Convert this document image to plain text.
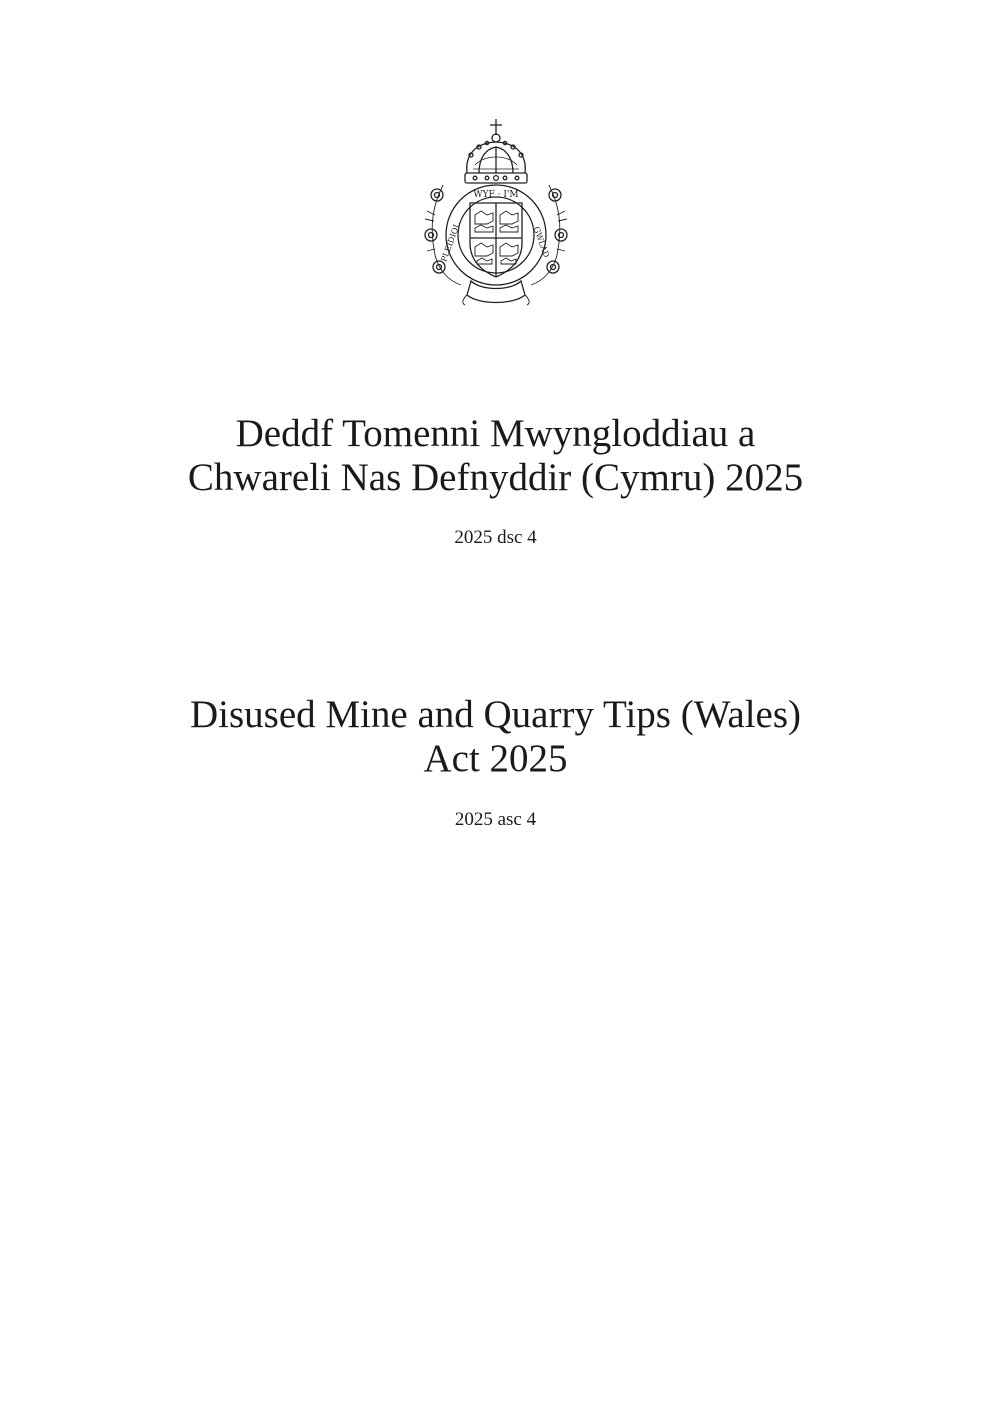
WYF · I'M
PLEIDIOL	GWLAD
Deddf Tomenni Mwyngloddiau a
Chwareli Nas Defnyddir (Cymru) 2025

2025 dsc 4

Disused Mine and Quarry Tips (Wales)
Act 2025

2025 asc 4
